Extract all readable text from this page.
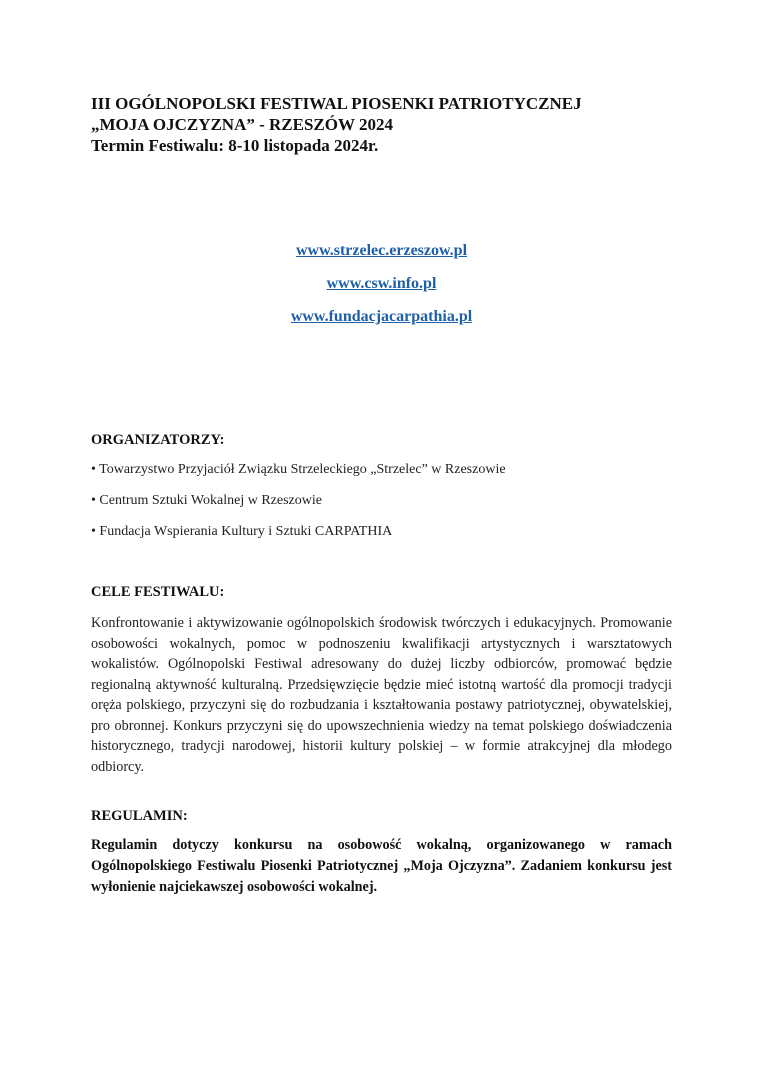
III OGÓLNOPOLSKI FESTIWAL PIOSENKI PATRIOTYCZNEJ
„MOJA OJCZYZNA” - RZESZÓW 2024
Termin Festiwalu: 8-10 listopada 2024r.
www.strzelec.erzeszow.pl
www.csw.info.pl
www.fundacjacarpathia.pl
ORGANIZATORZY:
• Towarzystwo Przyjaciół Związku Strzeleckiego „Strzelec” w Rzeszowie
• Centrum Sztuki Wokalnej w Rzeszowie
• Fundacja Wspierania Kultury i Sztuki CARPATHIA
CELE FESTIWALU:

Konfrontowanie i aktywizowanie ogólnopolskich środowisk twórczych i edukacyjnych. Promowanie osobowości wokalnych, pomoc w podnoszeniu kwalifikacji artystycznych i warsztatowych wokalistów. Ogólnopolski Festiwal adresowany do dużej liczby odbiorców, promować będzie regionalną aktywność kulturalną. Przedsięwzięcie będzie mieć istotną wartość dla promocji tradycji oręża polskiego, przyczyni się do rozbudzania i kształtowania postawy patriotycznej, obywatelskiej, pro obronnej. Konkurs przyczyni się do upowszechnienia wiedzy na temat polskiego doświadczenia historycznego, tradycji narodowej, historii kultury polskiej – w formie atrakcyjnej dla młodego odbiorcy.

REGULAMIN:

Regulamin dotyczy konkursu na osobowość wokalną, organizowanego w ramach Ogólnopolskiego Festiwalu Piosenki Patriotycznej „Moja Ojczyzna”. Zadaniem konkursu jest wyłonienie najciekawszej osobowości wokalnej.
